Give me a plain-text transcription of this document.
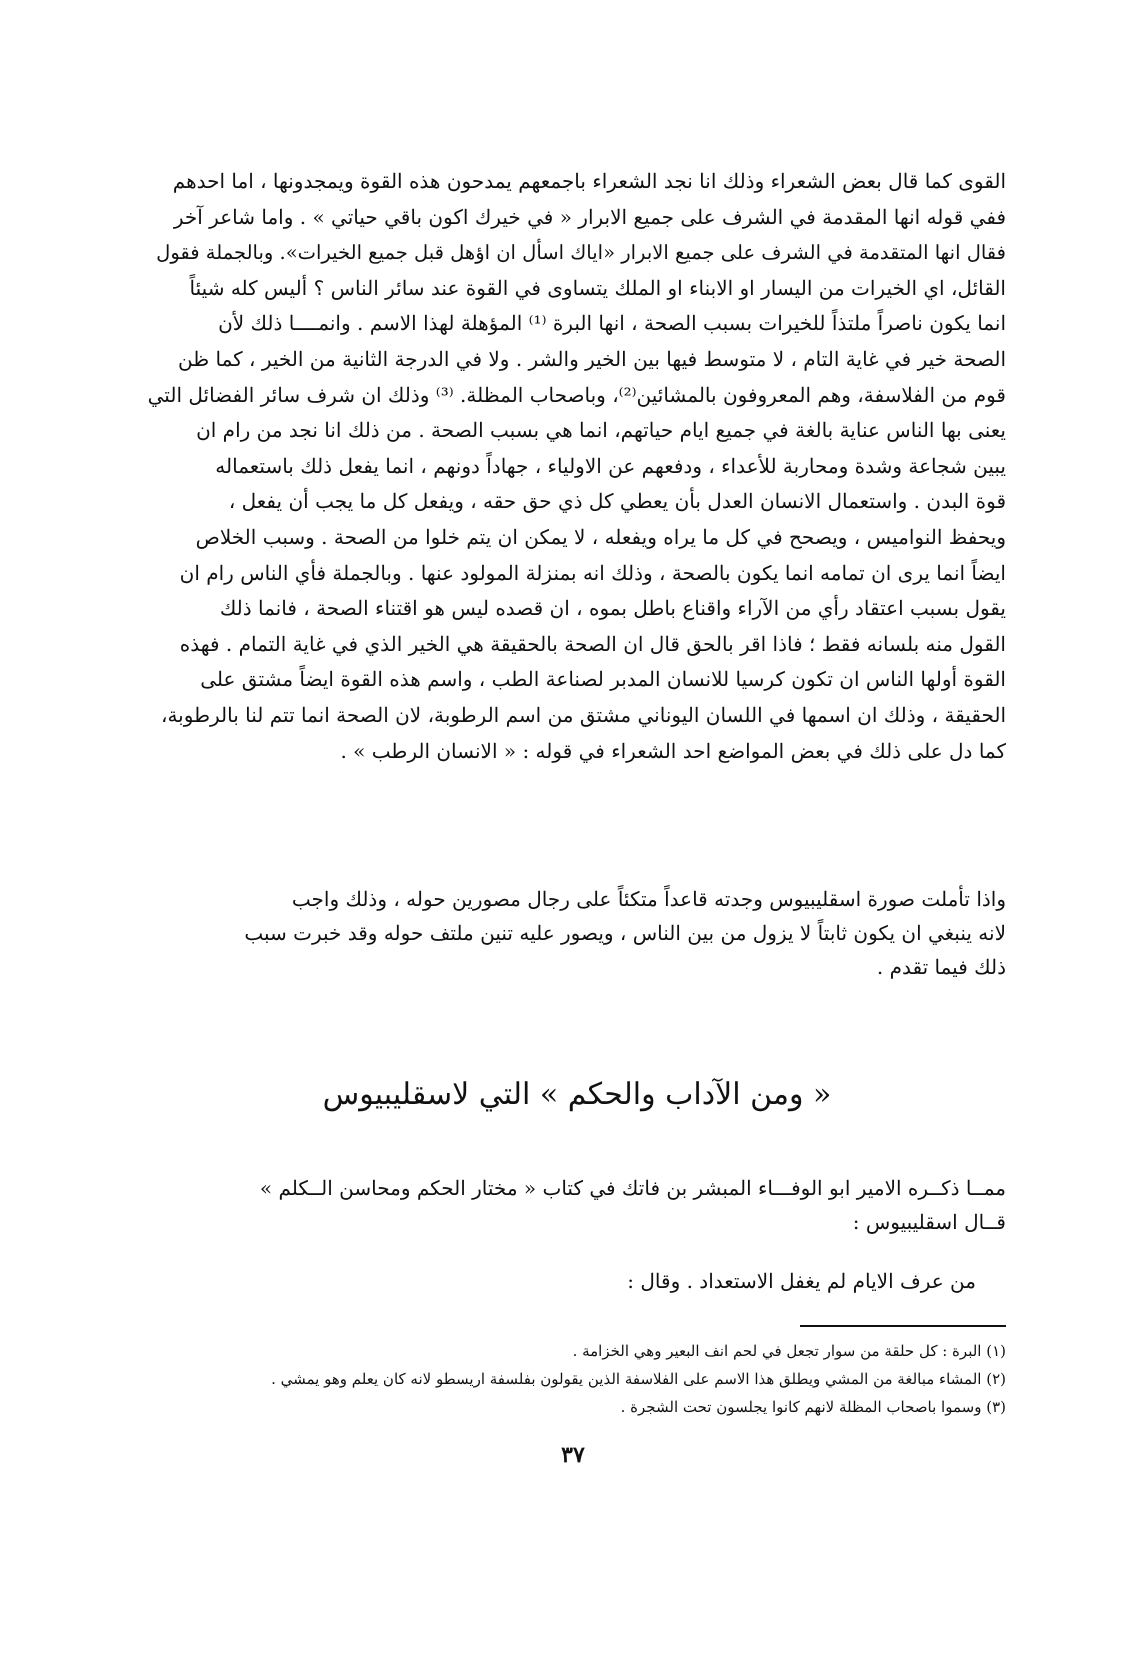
القوى كما قال بعض الشعراء وذلك انا نجد الشعراء باجمعهم يمدحون هذه القوة ويمجدونها ، اما احدهم
ففي قوله انها المقدمة في الشرف على جميع الابرار « في خيرك اكون باقي حياتي » . واما شاعر آخر
فقال انها المتقدمة في الشرف على جميع الابرار «اياك اسأل ان اؤهل قبل جميع الخيرات». وبالجملة فقول
القائل، اي الخيرات من اليسار او الابناء او الملك يتساوى في القوة عند سائر الناس ؟ أليس كله شيئاً
انما يكون ناصراً ملتذاً للخيرات بسبب الصحة ، انها البرة ⁽¹⁾ المؤهلة لهذا الاسم . وانمــــا ذلك لأن
الصحة خير في غاية التام ، لا متوسط فيها بين الخير والشر . ولا في الدرجة الثانية من الخير ، كما ظن
قوم من الفلاسفة، وهم المعروفون بالمشائين⁽²⁾، وباصحاب المظلة. ⁽³⁾ وذلك ان شرف سائر الفضائل التي
يعنى بها الناس عناية بالغة في جميع ايام حياتهم، انما هي بسبب الصحة . من ذلك انا نجد من رام ان
يبين شجاعة وشدة ومحاربة للأعداء ، ودفعهم عن الاولياء ، جهاداً دونهم ، انما يفعل ذلك باستعماله
قوة البدن . واستعمال الانسان العدل بأن يعطي كل ذي حق حقه ، ويفعل كل ما يجب أن يفعل ،
ويحفظ النواميس ، ويصحح في كل ما يراه ويفعله ، لا يمكن ان يتم خلوا من الصحة . وسبب الخلاص
ايضاً انما يرى ان تمامه انما يكون بالصحة ، وذلك انه بمنزلة المولود عنها . وبالجملة فأي الناس رام ان
يقول بسبب اعتقاد رأي من الآراء واقناع باطل بموه ، ان قصده ليس هو اقتناء الصحة ، فانما ذلك
القول منه بلسانه فقط ؛ فاذا اقر بالحق قال ان الصحة بالحقيقة هي الخير الذي في غاية التمام . فهذه
القوة أولها الناس ان تكون كرسيا للانسان المدبر لصناعة الطب ، واسم هذه القوة ايضاً مشتق على
الحقيقة ، وذلك ان اسمها في اللسان اليوناني مشتق من اسم الرطوبة، لان الصحة انما تتم لنا بالرطوبة،
كما دل على ذلك في بعض المواضع احد الشعراء في قوله : « الانسان الرطب » .
واذا تأملت صورة اسقليبيوس وجدته قاعداً متكئاً على رجال مصورين حوله ، وذلك واجب
لانه ينبغي ان يكون ثابتاً لا يزول من بين الناس ، ويصور عليه تنين ملتف حوله وقد خبرت سبب
ذلك فيما تقدم .
« ومن الآداب والحكم » التي لاسقليبيوس
ممــا ذكــره الامير ابو الوفـــاء المبشر بن فاتك في كتاب « مختار الحكم ومحاسن الــكلم »
قــال اسقليبيوس :
من عرف الايام لم يغفل الاستعداد . وقال :
(١) البرة : كل حلقة من سوار تجعل في لحم انف البعير وهي الخزامة .
(٢) المشاء مبالغة من المشي ويطلق هذا الاسم على الفلاسفة الذين يقولون بفلسفة اريسطو لانه كان يعلم وهو يمشي .
(٣) وسموا باصحاب المظلة لانهم كانوا يجلسون تحت الشجرة .
٣٧
